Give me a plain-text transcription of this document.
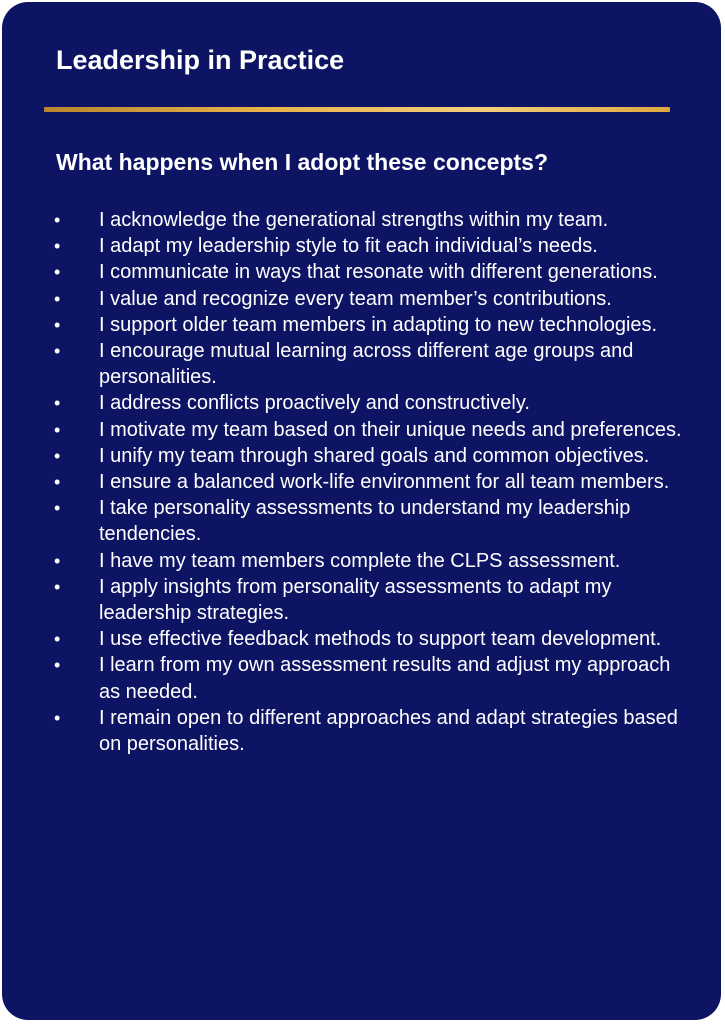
Leadership in Practice
What happens when I adopt these concepts?
• I acknowledge the generational strengths within my team.
• I adapt my leadership style to fit each individual’s needs.
• I communicate in ways that resonate with different generations.
• I value and recognize every team member’s contributions.
• I support older team members in adapting to new technologies.
• I encourage mutual learning across different age groups and personalities.
• I address conflicts proactively and constructively.
• I motivate my team based on their unique needs and preferences.
• I unify my team through shared goals and common objectives.
• I ensure a balanced work-life environment for all team members.
• I take personality assessments to understand my leadership tendencies.
• I have my team members complete the CLPS assessment.
• I apply insights from personality assessments to adapt my leadership strategies.
• I use effective feedback methods to support team development.
• I learn from my own assessment results and adjust my approach as needed.
• I remain open to different approaches and adapt strategies based on personalities.
